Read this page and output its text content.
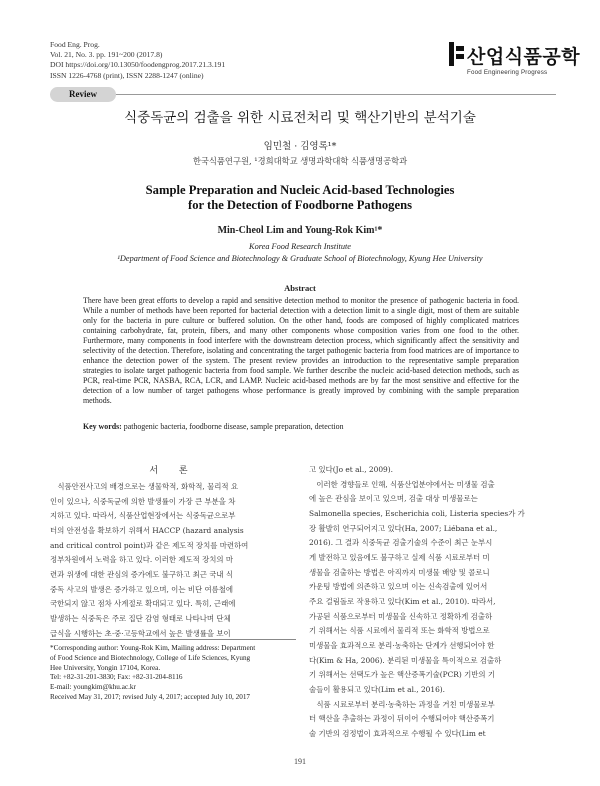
Food Eng. Prog.
Vol. 21, No. 3. pp. 191~200 (2017.8)
DOI https://doi.org/10.13050/foodengprog.2017.21.3.191
ISSN 1226-4768 (print), ISSN 2288-1247 (online)
산업식품공학
Food Engineering Progress
Review
식중독균의 검출을 위한 시료전처리 및 핵산기반의 분석기술
임민철 · 김영록¹*
한국식품연구원, ¹경희대학교 생명과학대학 식품생명공학과
Sample Preparation and Nucleic Acid-based Technologies
for the Detection of Foodborne Pathogens
Min-Cheol Lim and Young-Rok Kim¹*
Korea Food Research Institute
¹Department of Food Science and Biotechnology & Graduate School of Biotechnology, Kyung Hee University
Abstract
There have been great efforts to develop a rapid and sensitive detection method to monitor the presence of pathogenic bacteria in food. While a number of methods have been reported for bacterial detection with a detection limit to a single digit, most of them are suitable only for the bacteria in pure culture or buffered solution. On the other hand, foods are composed of highly complicated matrices containing carbohydrate, fat, protein, fibers, and many other components whose composition varies from one food to the other. Furthermore, many components in food interfere with the downstream detection process, which significantly affect the sensitivity and selectivity of the detection. Therefore, isolating and concentrating the target pathogenic bacteria from food matrices are of importance to enhance the detection power of the system. The present review provides an introduction to the representative sample preparation strategies to isolate target pathogenic bacteria from food sample. We further describe the nucleic acid-based detection methods, such as PCR, real-time PCR, NASBA, RCA, LCR, and LAMP. Nucleic acid-based methods are by far the most sensitive and effective for the detection of a low number of target pathogens whose performance is greatly improved by combining with the sample preparation methods.
Key words: pathogenic bacteria, foodborne disease, sample preparation, detection
서 론
　식품안전사고의 배경으로는 생물학적, 화학적, 물리적 요
인이 있으나, 식중독균에 의한 발생률이 가장 큰 부분을 차
지하고 있다. 따라서, 식품산업현장에서는 식중독균으로부
터의 안전성을 확보하기 위해서 HACCP (hazard analysis
and critical control point)과 같은 제도적 장치를 마련하여
정부차원에서 노력을 하고 있다. 이러한 제도적 장치의 마
련과 위생에 대한 관심의 증가에도 불구하고 최근 국내 식
중독 사고의 발생은 증가하고 있으며, 이는 비단 여름철에
국한되지 않고 점차 사계절로 확대되고 있다. 특히, 근래에
발생하는 식중독은 주로 집단 감염 형태로 나타나며 단체
급식을 시행하는 초·중·고등학교에서 높은 발생률을 보이
고 있다(Jo et al., 2009).
　이러한 경향들로 인해, 식품산업분야에서는 미생물 검출
에 높은 관심을 보이고 있으며, 검출 대상 미생물로는
Salmonella species, Escherichia coli, Listeria species가 가
장 활발히 연구되어지고 있다(Ha, 2007; Liébana et al.,
2016). 그 결과 식중독균 검출기술의 수준이 최근 눈부시
게 발전하고 있음에도 불구하고 실제 식품 시료로부터 미
생물을 검출하는 방법은 아직까지 미생물 배양 및 콜로니
카운팅 방법에 의존하고 있으며 이는 신속검출에 있어서
주요 걸림돌로 작용하고 있다(Kim et al., 2010). 따라서,
가공된 식품으로부터 미생물을 신속하고 정확하게 검출하
기 위해서는 식품 시료에서 물리적 또는 화학적 방법으로
미생물을 효과적으로 분리·농축하는 단계가 선행되어야 한
다(Kim & Ha, 2006). 분리된 미생물을 특이적으로 검출하
기 위해서는 선택도가 높은 핵산증폭기술(PCR) 기반의 기
술들이 활용되고 있다(Lim et al., 2016).
　식품 시료로부터 분리·농축하는 과정을 거친 미생물로부
터 핵산을 추출하는 과정이 뒤이어 수행되어야 핵산증폭기
술 기반의 검정법이 효과적으로 수행될 수 있다(Lim et
*Corresponding author: Young-Rok Kim, Mailing address: Department
of Food Science and Biotechnology, College of Life Sciences, Kyung
Hee University, Yongin 17104, Korea.
Tel: +82-31-201-3830; Fax: +82-31-204-8116
E-mail: youngkim@khu.ac.kr
Received May 31, 2017; revised July 4, 2017; accepted July 10, 2017
191
